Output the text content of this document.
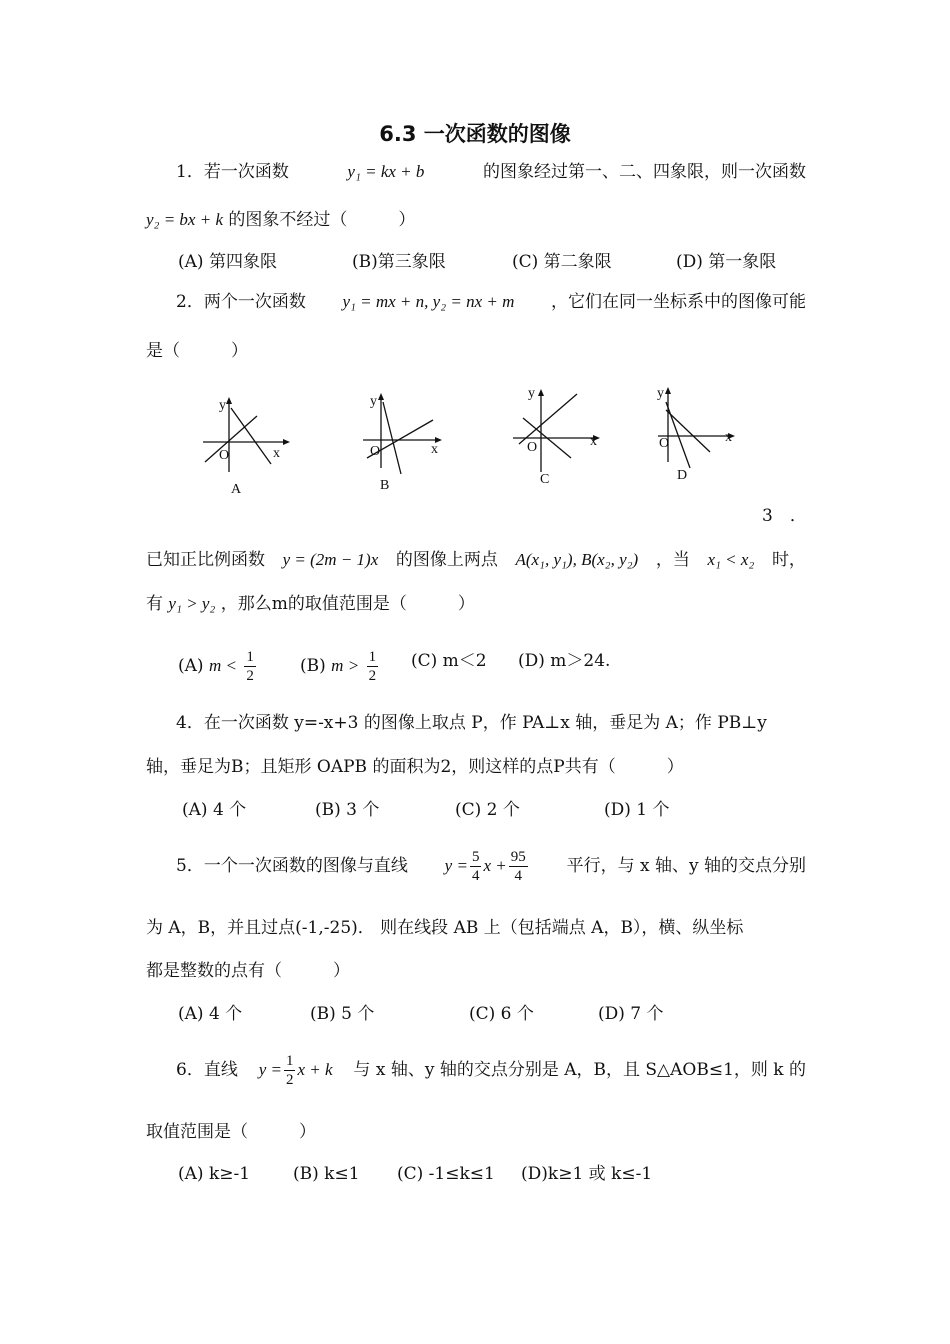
6.3 一次函数的图像
1．若一次函数	y₁ = kx + b	的图象经过第一、二、四象限，则一次函数
y₂ = bx + k 的图象不经过（　　　）
(A) 第四象限	(B)第三象限	(C) 第二象限	(D) 第一象限
2．两个一次函数 y₁ = mx + n, y₂ = nx + m ，它们在同一坐标系中的图像可能
是（　　　）
y
x
O
A
y
x
O
B
y
x
O
C
y
x
O
D
3　．
已知正比例函数 y = (2m − 1)x 的图像上两点 A(x₁, y₁), B(x₂, y₂) ，当 x₁ < x₂ 时，
有 y₁ > y₂ ，那么m的取值范围是（　　　）
(A) $m < \frac{1}{2}$	(B) $m > \frac{1}{2} (C)$ m＜2 (D) m＞24.
4．在一次函数 y=-x+3 的图像上取点 P，作 PA⊥x 轴，垂足为 A；作 PB⊥y
轴，垂足为B；且矩形 OAPB 的面积为2，则这样的点P共有（　　　）
(A) 4 个	(B) 3 个	(C) 2 个	(D) 1 个
5．一个一次函数的图像与直线 $y = \frac{5}{4}$ $x + \frac{95}{4}$ 平行，与 x 轴、y 轴的交点分别
为 A，B，并且过点(-1,-25)． 则在线段 AB 上（包括端点 A，B），横、纵坐标
都是整数的点有（　　　）
(A) 4 个	(B) 5 个	(C) 6 个	(D) 7 个
6．直线 $y = \frac{1}{2}$ x + k 与 x 轴、y 轴的交点分别是 A，B，且 S△AOB≤1，则 k 的
取值范围是（　　　）
(A) k≥-1	(B) k≤1 (C) -1≤k≤1 (D)k≥1 或 k≤-1
